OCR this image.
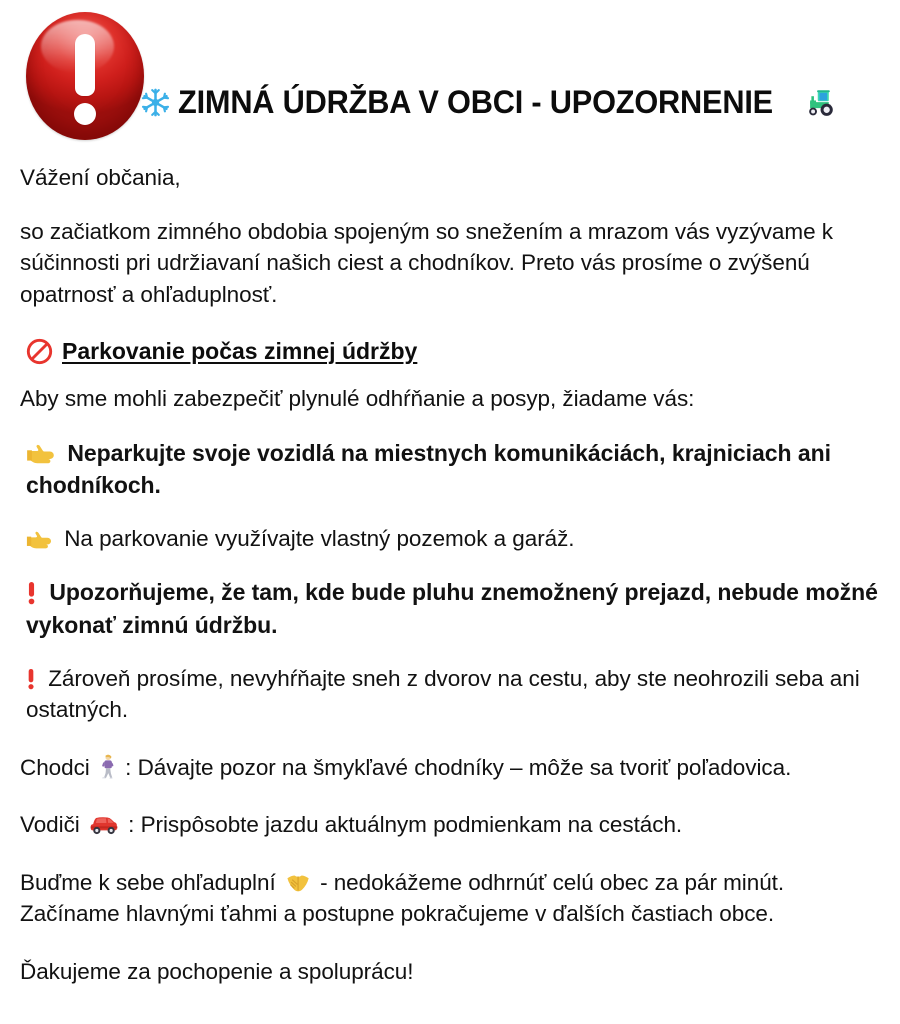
ZIMNÁ ÚDRŽBA V OBCI - UPOZORNENIE

Vážení občania,

so začiatkom zimného obdobia spojeným so snežením a mrazom vás vyzývame k súčinnosti pri udržiavaní našich ciest a chodníkov. Preto vás prosíme o zvýšenú opatrnosť a ohľaduplnosť.

Parkovanie počas zimnej údržby

Aby sme mohli zabezpečiť plynulé odhŕňanie a posyp, žiadame vás:

Neparkujte svoje vozidlá na miestnych komunikáciách, krajniciach ani chodníkoch.

Na parkovanie využívajte vlastný pozemok a garáž.

Upozorňujeme, že tam, kde bude pluhu znemožnený prejazd, nebude možné vykonať zimnú údržbu.

Zároveň prosíme, nevyhŕňajte sneh z dvorov na cestu, aby ste neohrozili seba ani ostatných.

Chodci : Dávajte pozor na šmykľavé chodníky – môže sa tvoriť poľadovica.

Vodiči : Prispôsobte jazdu aktuálnym podmienkam na cestách.

Buďme k sebe ohľaduplní - nedokážeme odhrnúť celú obec za pár minút. Začíname hlavnými ťahmi a postupne pokračujeme v ďalších častiach obce.

Ďakujeme za pochopenie a spoluprácu!
